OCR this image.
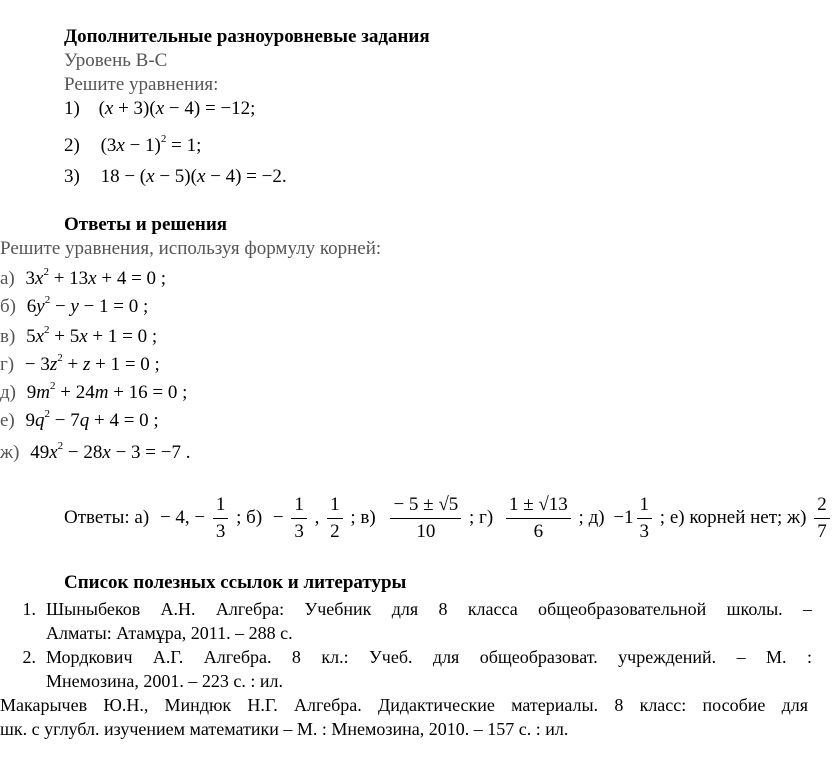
Дополнительные разноуровневые задания
Уровень В-С
Решите уравнения:
1) (x + 3)(x − 4) = −12;
2) $(3x - 1)^2 = 1$;
3) 18 − (x − 5)(x − 4) = −2.
Ответы и решения
Решите уравнения, используя формулу корней:
а) $3x^2 + 13x + 4 = 0$ ;
б) $6y^2 - y - 1 = 0$ ;
в) $5x^2 + 5x + 1 = 0$ ;
$г) - 3z^2 + z + 1 = 0$ ;
д) $9m^2 + 24m + 16 = 0$ ;
е) $9q^2 - 7q + 4 = 0$ ;
ж) $49x^2 - 28x - 3 = -7$ .
Ответы: а) − 4, − $\frac{1}{3}$ ; $б) - \frac{1}{3}$ , $\frac{1}{2}$ ; $в) \frac{- 5 \pm √5}{10}$ ; $г) \frac{1 \pm √13}{6}$ ; $д) -1 \frac{1}{3}$ ; е) корней нет; $ж) \frac{2}{7}$
Список полезных ссылок и литературы
1. Шыныбеков А.Н. Алгебра: Учебник для 8 класса общеобразовательной школы. –
Алматы: Атамұра, 2011. – 288 с.
2. Мордкович А.Г. Алгебра. 8 кл.: Учеб. для общеобразоват. учреждений. – М. :
Мнемозина, 2001. – 223 с. : ил.
Макарычев Ю.Н., Миндюк Н.Г. Алгебра. Дидактические материалы. 8 класс: пособие для
шк. с углубл. изучением математики – М. : Мнемозина, 2010. – 157 с. : ил.
